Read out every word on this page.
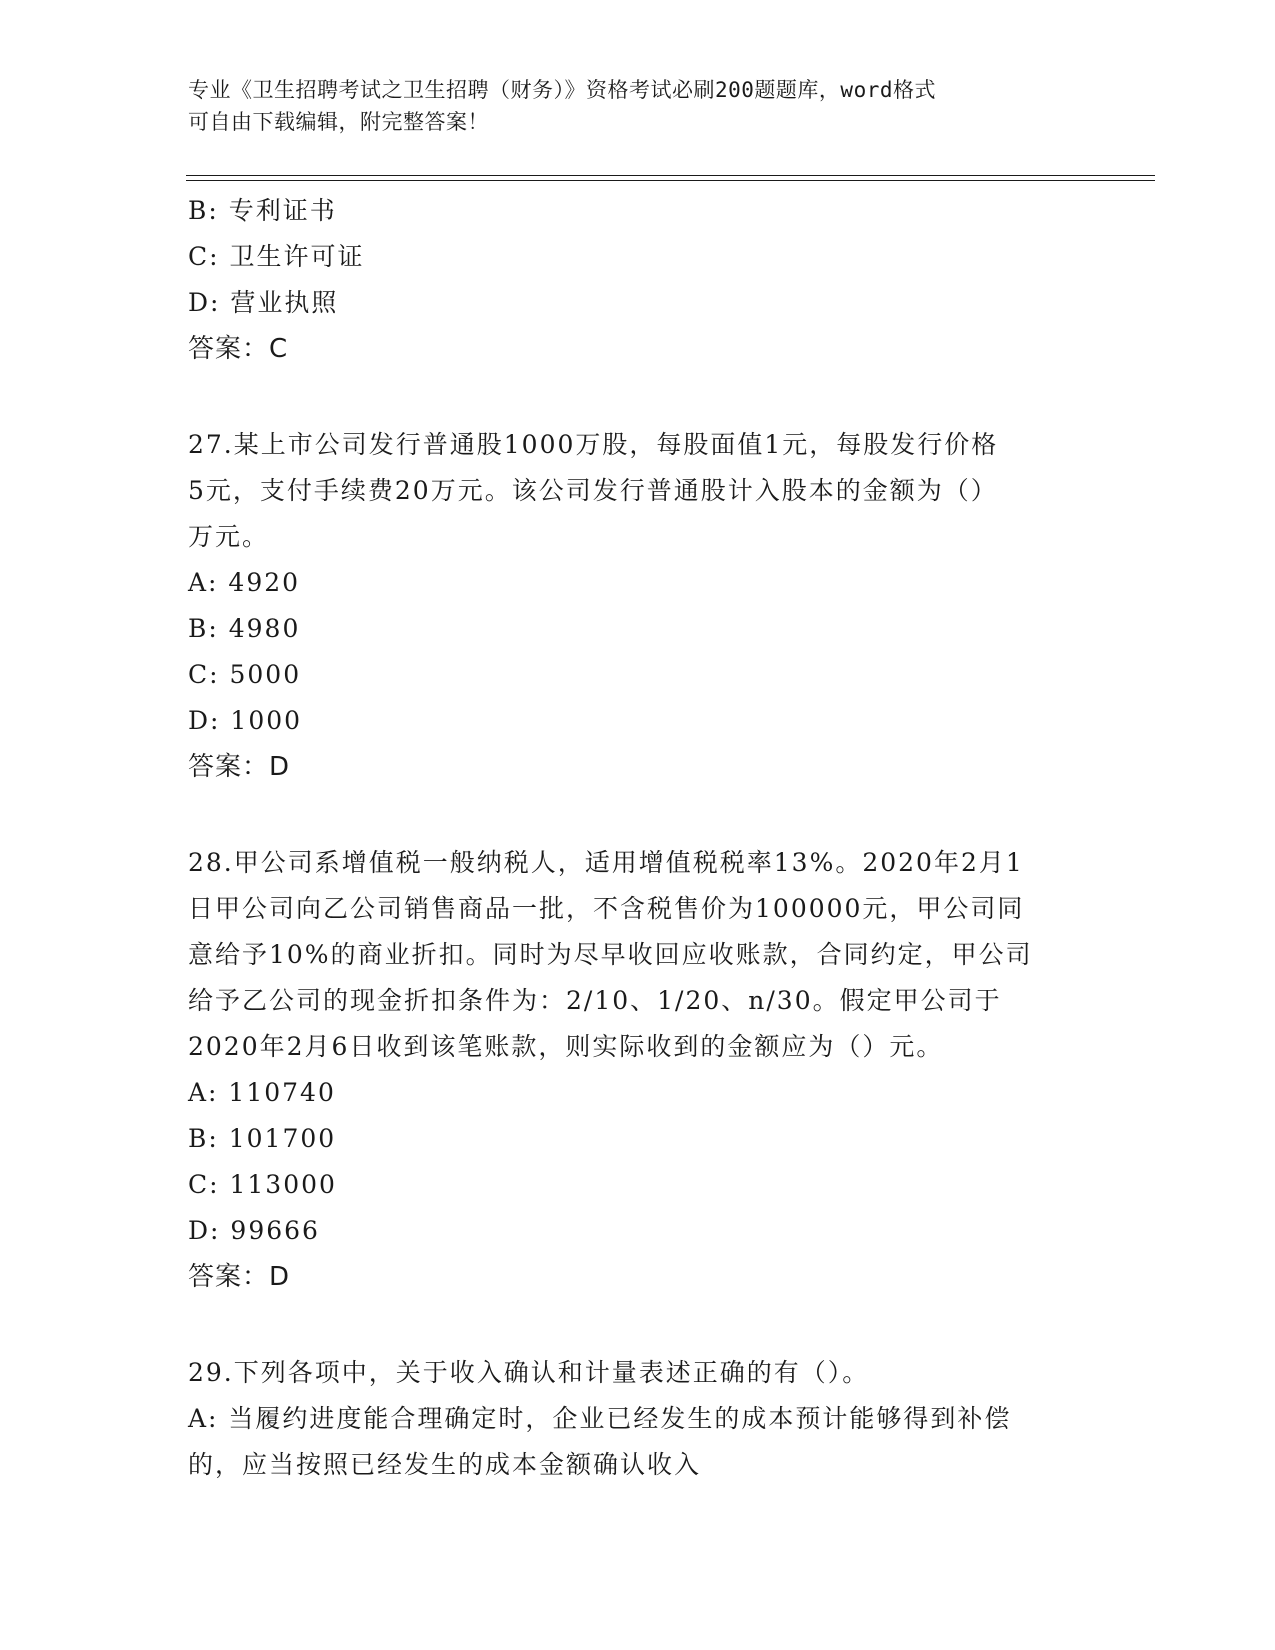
专业《卫生招聘考试之卫生招聘（财务）》资格考试必刷200题题库，word格式
可自由下载编辑，附完整答案！
B: 专利证书
C: 卫生许可证
D: 营业执照
答案：C
27.某上市公司发行普通股1000万股，每股面值1元，每股发行价格
5元，支付手续费20万元。该公司发行普通股计入股本的金额为（）
万元。
A: 4920
B: 4980
C: 5000
D: 1000
答案：D
28.甲公司系增值税一般纳税人，适用增值税税率13%。2020年2月1
日甲公司向乙公司销售商品一批，不含税售价为100000元，甲公司同
意给予10%的商业折扣。同时为尽早收回应收账款，合同约定，甲公司
给予乙公司的现金折扣条件为：2/10、1/20、n/30。假定甲公司于
2020年2月6日收到该笔账款，则实际收到的金额应为（）元。
A: 110740
B: 101700
C: 113000
D: 99666
答案：D
29.下列各项中，关于收入确认和计量表述正确的有（）。
A: 当履约进度能合理确定时，企业已经发生的成本预计能够得到补偿
的，应当按照已经发生的成本金额确认收入
